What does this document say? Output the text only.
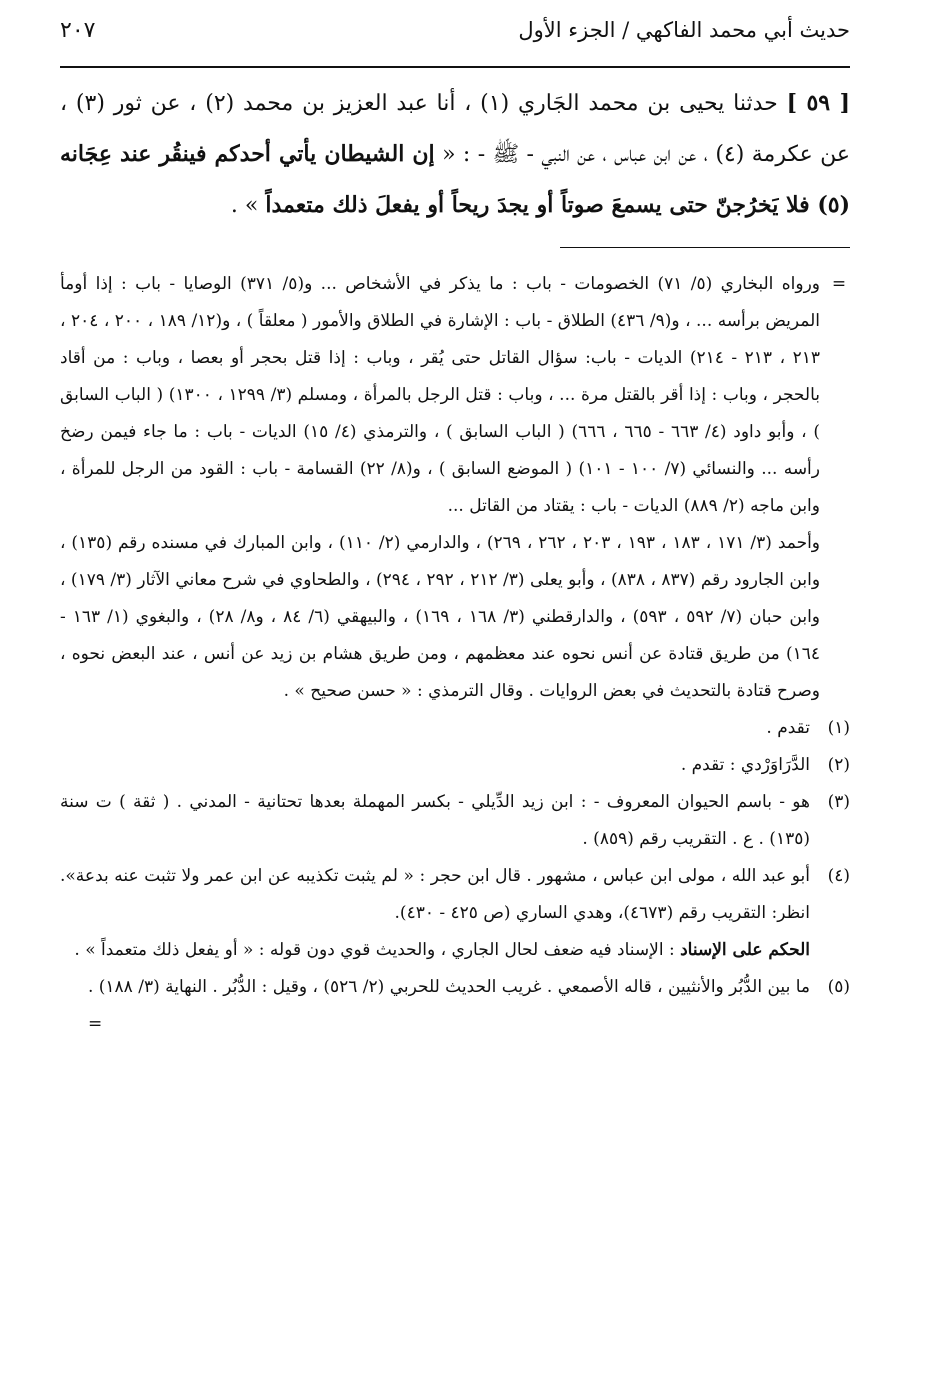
حديث أبي محمد الفاكهي / الجزء الأول
٢٠٧
[ ٥٩ ] حدثنا يحيى بن محمد الجَاري (١) ، أنا عبد العزيز بن محمد (٢) ، عن ثور (٣) ، عن عكرمة (٤) ، عن ابن عباس ، عن النبي - ﷺ - : « إن الشيطان يأتي أحدكم فينقُر عند عِجَانه (٥) فلا يَخرُجنّ حتى يسمعَ صوتاً أو يجدَ ريحاً أو يفعلَ ذلك متعمداً » .
=
ورواه البخاري (٥/ ٧١) الخصومات - باب : ما يذكر في الأشخاص ... و(٥/ ٣٧١) الوصايا - باب : إذا أومأ المريض برأسه ... ، و(٩/ ٤٣٦) الطلاق - باب : الإشارة في الطلاق والأمور ( معلقاً ) ، و(١٢/ ١٨٩ ، ٢٠٠ ، ٢٠٤ ، ٢١٣ ، ٢١٣ - ٢١٤) الديات - باب: سؤال القاتل حتى يُقر ، وباب : إذا قتل بحجر أو بعصا ، وباب : من أقاد بالحجر ، وباب : إذا أقر بالقتل مرة ... ، وباب : قتل الرجل بالمرأة ، ومسلم (٣/ ١٢٩٩ ، ١٣٠٠) ( الباب السابق ) ، وأبو داود (٤/ ٦٦٣ - ٦٦٥ ، ٦٦٦) ( الباب السابق ) ، والترمذي (٤/ ١٥) الديات - باب : ما جاء فيمن رضخ رأسه ... والنسائي (٧/ ١٠٠ - ١٠١) ( الموضع السابق ) ، و(٨/ ٢٢) القسامة - باب : القود من الرجل للمرأة ، وابن ماجه (٢/ ٨٨٩) الديات - باب : يقتاد من القاتل ...
وأحمد (٣/ ١٧١ ، ١٨٣ ، ١٩٣ ، ٢٠٣ ، ٢٦٢ ، ٢٦٩) ، والدارمي (٢/ ١١٠) ، وابن المبارك في مسنده رقم (١٣٥) ، وابن الجارود رقم (٨٣٧ ، ٨٣٨) ، وأبو يعلى (٣/ ٢١٢ ، ٢٩٢ ، ٢٩٤) ، والطحاوي في شرح معاني الآثار (٣/ ١٧٩) ، وابن حبان (٧/ ٥٩٢ ، ٥٩٣) ، والدارقطني (٣/ ١٦٨ ، ١٦٩) ، والبيهقي (٦/ ٨٤ ، و٨/ ٢٨) ، والبغوي (١/ ١٦٣ - ١٦٤) من طريق قتادة عن أنس نحوه عند معظمهم ، ومن طريق هشام بن زيد عن أنس ، عند البعض نحوه ، وصرح قتادة بالتحديث في بعض الروايات . وقال الترمذي : « حسن صحيح » .
(١)
تقدم .
(٢)
الدَّرَاوَرْدي : تقدم .
(٣)
هو - باسم الحيوان المعروف - : ابن زيد الدِّيلي - بكسر المهملة بعدها تحتانية - المدني . ( ثقة ) ت سنة (١٣٥) . ع . التقريب رقم (٨٥٩) .
(٤)
أبو عبد الله ، مولى ابن عباس ، مشهور . قال ابن حجر : « لم يثبت تكذيبه عن ابن عمر ولا تثبت عنه بدعة». انظر: التقريب رقم (٤٦٧٣)، وهدي الساري (ص ٤٢٥ - ٤٣٠).
الحكم على الإسناد : الإسناد فيه ضعف لحال الجاري ، والحديث قوي دون قوله : « أو يفعل ذلك متعمداً » .
(٥)
ما بين الدُّبُر والأنثيين ، قاله الأصمعي . غريب الحديث للحربي (٢/ ٥٢٦) ، وقيل : الدُّبُر . النهاية (٣/ ١٨٨) .
=
